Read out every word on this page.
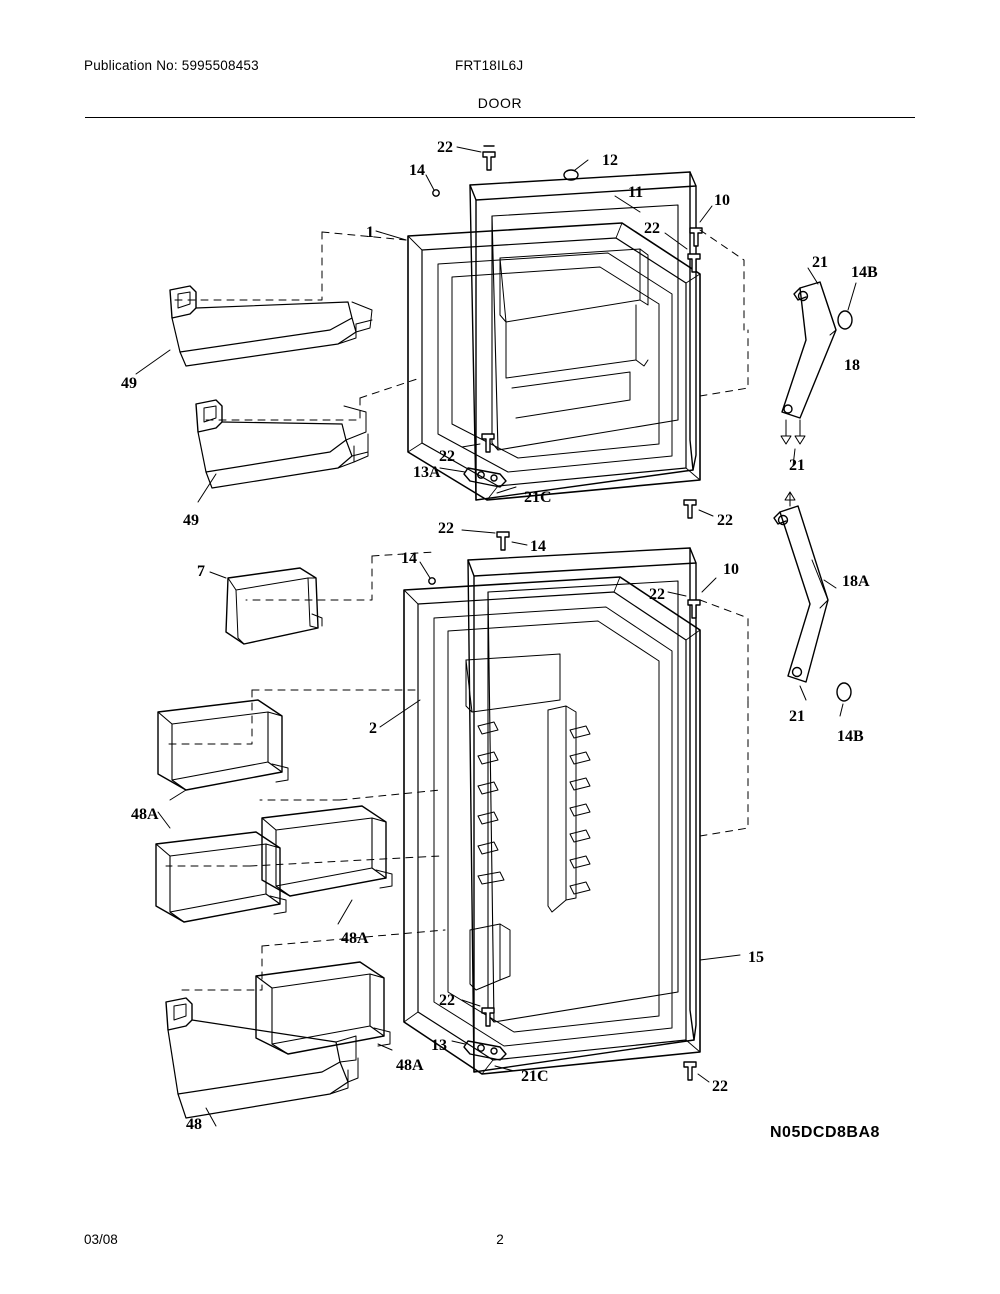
Publication No: 5995508453	FRT18IL6J
DOOR
N05DCD8BA8
03/08	2
22
12
14
11	10
22
1
21
14B
18
49
22
21
13A
21C
49	22
22
14
14
7	10
22
18A
2
21
14B
48A
48A
15
22
13
48A
21C
22
48
